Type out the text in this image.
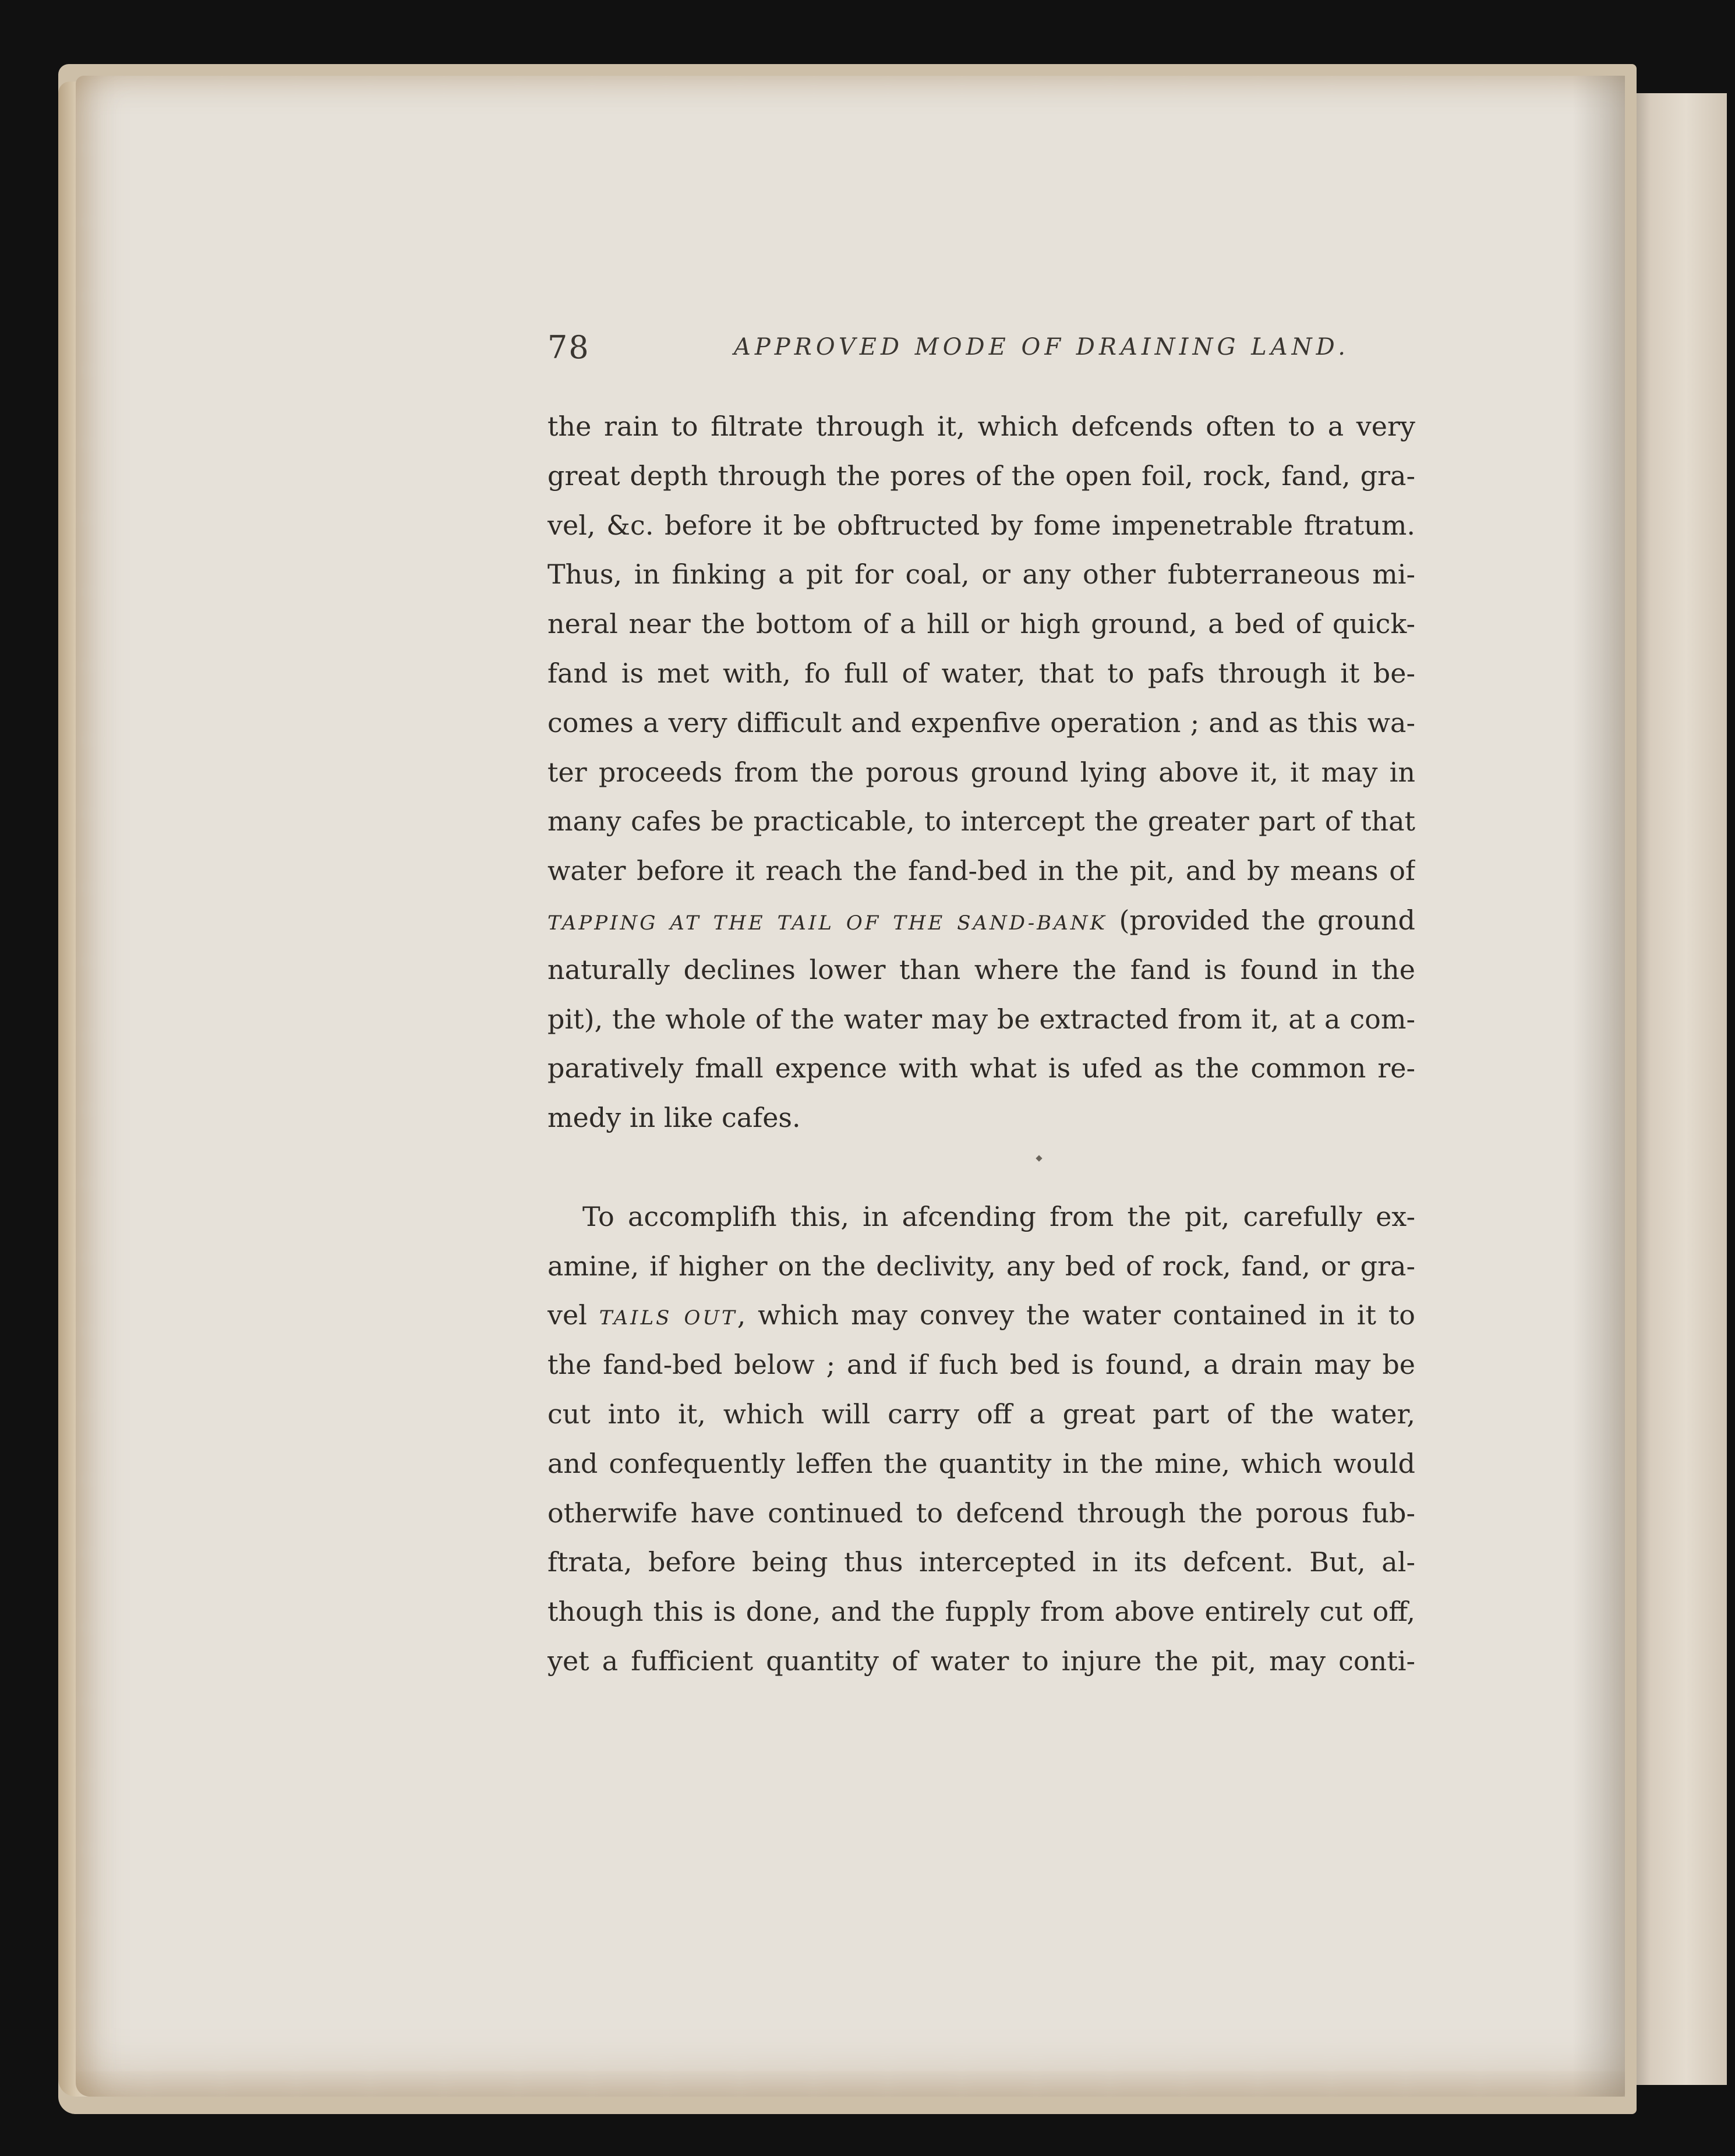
78	APPROVED MODE OF DRAINING LAND.
the rain to filtrate through it, which defcends often to a very
great depth through the pores of the open foil, rock, fand, gra-
vel, &c. before it be obftructed by fome impenetrable ftratum.
Thus, in finking a pit for coal, or any other fubterraneous mi-
neral near the bottom of a hill or high ground, a bed of quick-
fand is met with, fo full of water, that to pafs through it be-
comes a very difficult and expenfive operation ; and as this wa-
ter proceeds from the porous ground lying above it, it may in
many cafes be practicable, to intercept the greater part of that
water before it reach the fand-bed in the pit, and by means of
TAPPING AT THE TAIL OF THE SAND-BANK (provided the ground
naturally declines lower than where the fand is found in the
pit), the whole of the water may be extracted from it, at a com-
paratively fmall expence with what is ufed as the common re-
medy in like cafes.
To accomplifh this, in afcending from the pit, carefully ex-
amine, if higher on the declivity, any bed of rock, fand, or gra-
vel TAILS OUT, which may convey the water contained in it to
the fand-bed below ; and if fuch bed is found, a drain may be
cut into it, which will carry off a great part of the water,
and confequently leffen the quantity in the mine, which would
otherwife have continued to defcend through the porous fub-
ftrata, before being thus intercepted in its defcent. But, al-
though this is done, and the fupply from above entirely cut off,
yet a fufficient quantity of water to injure the pit, may conti-
